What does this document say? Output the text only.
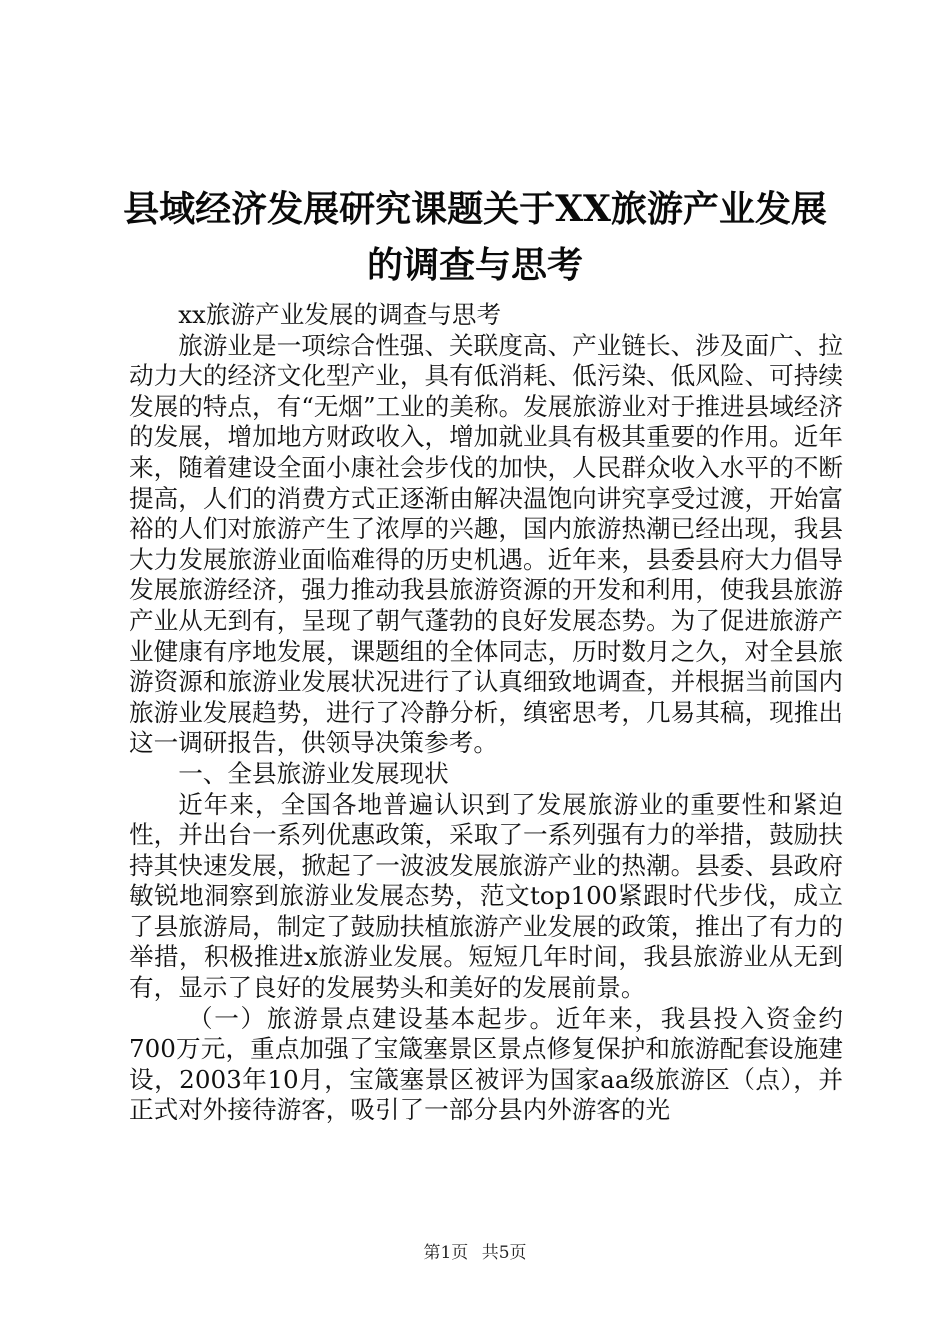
县域经济发展研究课题关于XX旅游产业发展
的调查与思考

xx旅游产业发展的调查与思考

旅游业是一项综合性强、关联度高、产业链长、涉及面广、拉动力大的经济文化型产业，具有低消耗、低污染、低风险、可持续发展的特点，有“无烟”工业的美称。发展旅游业对于推进县域经济的发展，增加地方财政收入，增加就业具有极其重要的作用。近年来，随着建设全面小康社会步伐的加快，人民群众收入水平的不断提高，人们的消费方式正逐渐由解决温饱向讲究享受过渡，开始富裕的人们对旅游产生了浓厚的兴趣，国内旅游热潮已经出现，我县大力发展旅游业面临难得的历史机遇。近年来，县委县府大力倡导发展旅游经济，强力推动我县旅游资源的开发和利用，使我县旅游产业从无到有，呈现了朝气蓬勃的良好发展态势。为了促进旅游产业健康有序地发展，课题组的全体同志，历时数月之久，对全县旅游资源和旅游业发展状况进行了认真细致地调查，并根据当前国内旅游业发展趋势，进行了冷静分析，缜密思考，几易其稿，现推出这一调研报告，供领导决策参考。

一、全县旅游业发展现状

近年来，全国各地普遍认识到了发展旅游业的重要性和紧迫性，并出台一系列优惠政策，采取了一系列强有力的举措，鼓励扶持其快速发展，掀起了一波波发展旅游产业的热潮。县委、县政府敏锐地洞察到旅游业发展态势，范文top100紧跟时代步伐，成立了县旅游局，制定了鼓励扶植旅游产业发展的政策，推出了有力的举措，积极推进x旅游业发展。短短几年时间，我县旅游业从无到有，显示了良好的发展势头和美好的发展前景。

（一）旅游景点建设基本起步。近年来，我县投入资金约700万元，重点加强了宝箴塞景区景点修复保护和旅游配套设施建设，2003年10月，宝箴塞景区被评为国家aa级旅游区（点），并正式对外接待游客，吸引了一部分县内外游客的光

第1页 共5页
